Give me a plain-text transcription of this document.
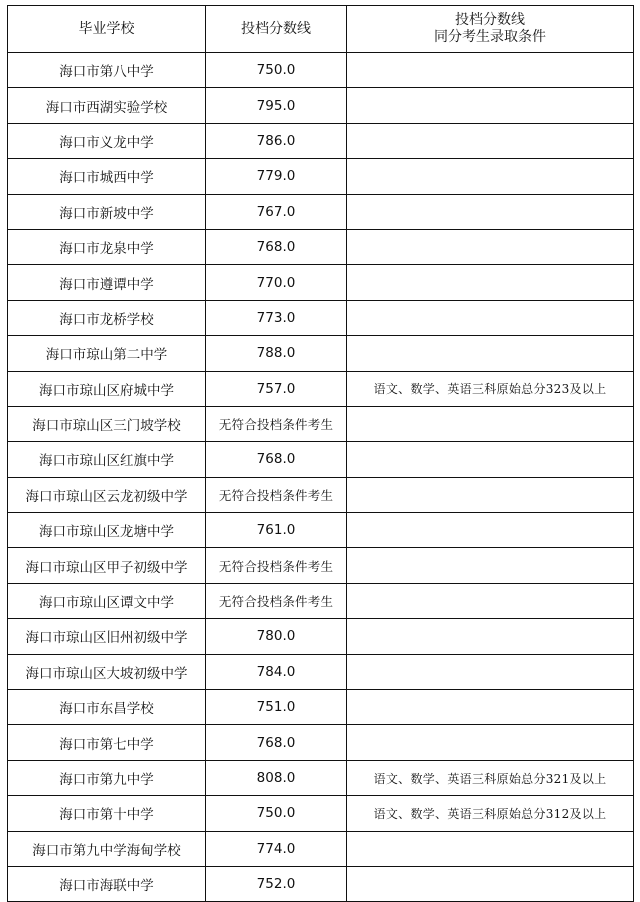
毕业学校	投档分数线	投档分数线
同分考生录取条件

海口市第八中学	750.0	
海口市西湖实验学校	795.0	
海口市义龙中学	786.0	
海口市城西中学	779.0	
海口市新坡中学	767.0	
海口市龙泉中学	768.0	
海口市遵谭中学	770.0	
海口市龙桥学校	773.0	
海口市琼山第二中学	788.0	
海口市琼山区府城中学	757.0	语文、数学、英语三科原始总分323及以上
海口市琼山区三门坡学校	无符合投档条件考生	
海口市琼山区红旗中学	768.0	
海口市琼山区云龙初级中学	无符合投档条件考生	
海口市琼山区龙塘中学	761.0	
海口市琼山区甲子初级中学	无符合投档条件考生	
海口市琼山区谭文中学	无符合投档条件考生	
海口市琼山区旧州初级中学	780.0	
海口市琼山区大坡初级中学	784.0	
海口市东昌学校	751.0	
海口市第七中学	768.0	
海口市第九中学	808.0	语文、数学、英语三科原始总分321及以上
海口市第十中学	750.0	语文、数学、英语三科原始总分312及以上
海口市第九中学海甸学校	774.0	
海口市海联中学	752.0	
